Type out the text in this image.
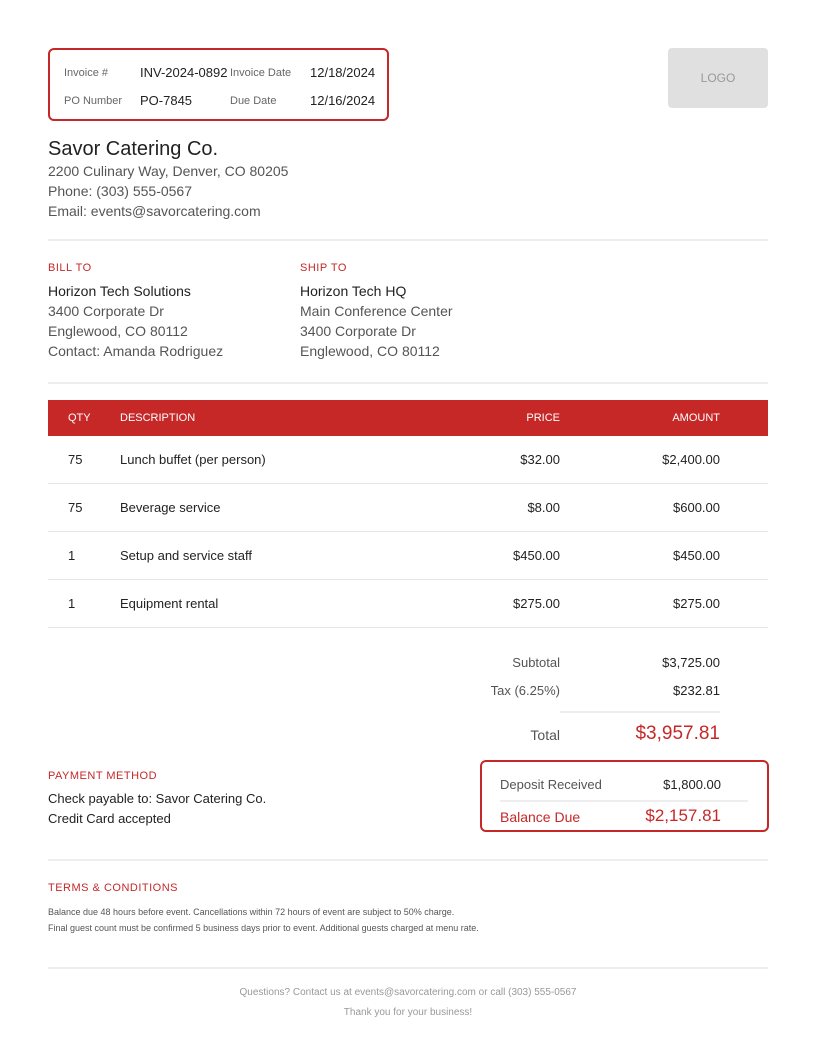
Invoice # INV-2024-0892 Invoice Date 12/18/2024
PO Number PO-7845	Due Date	12/16/2024
LOGO
Savor Catering Co.
2200 Culinary Way, Denver, CO 80205
Phone: (303) 555-0567
Email: events@savorcatering.com
BILL TO
Horizon Tech Solutions
3400 Corporate Dr
Englewood, CO 80112
Contact: Amanda Rodriguez
SHIP TO
Horizon Tech HQ
Main Conference Center
3400 Corporate Dr
Englewood, CO 80112
QTY	DESCRIPTION	PRICE	AMOUNT
75	Lunch buffet (per person)	$32.00	$2,400.00
75	Beverage service	$8.00	$600.00
1	Setup and service staff	$450.00	$450.00
1	Equipment rental	$275.00	$275.00
Subtotal	$3,725.00
Tax (6.25%)	$232.81
Total	$3,957.81
PAYMENT METHOD
Check payable to: Savor Catering Co.
Credit Card accepted
Deposit Received	$1,800.00
Balance Due	$2,157.81
TERMS & CONDITIONS
Balance due 48 hours before event. Cancellations within 72 hours of event are subject to 50% charge.
Final guest count must be confirmed 5 business days prior to event. Additional guests charged at menu rate.
Questions? Contact us at events@savorcatering.com or call (303) 555-0567
Thank you for your business!
